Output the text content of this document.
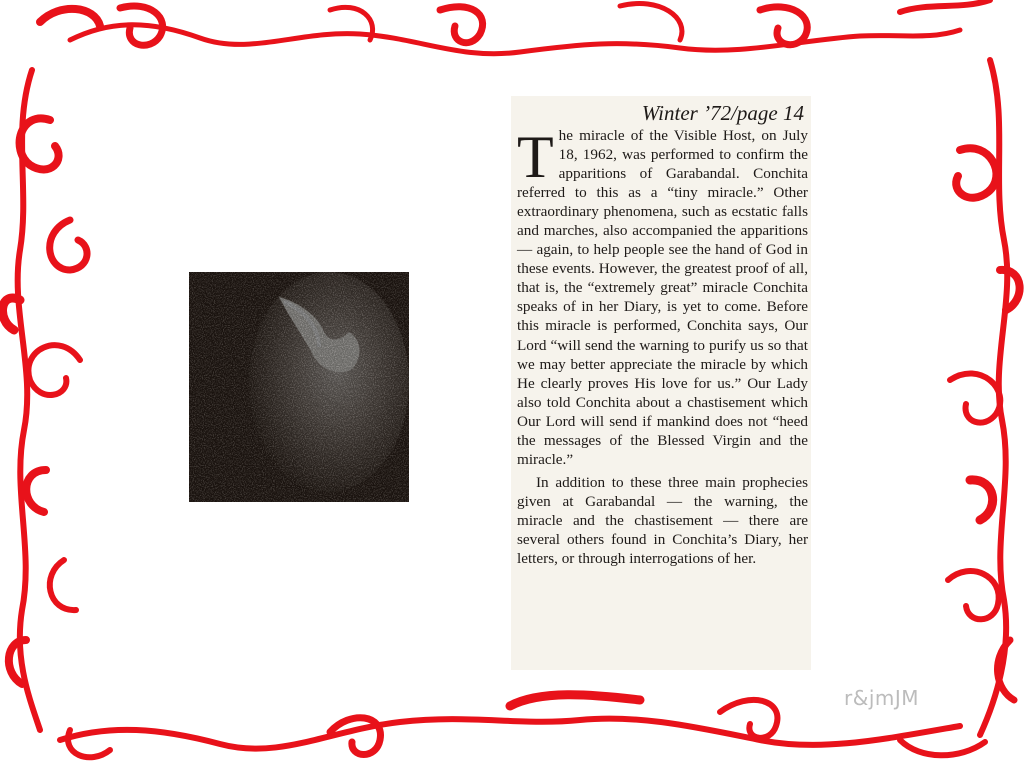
Winter ’72/page 14

The miracle of the Visible Host, on July 18, 1962, was performed to confirm the apparitions of Garabandal. Conchita referred to this as a “tiny miracle.” Other extraordinary phenomena, such as ecstatic falls and marches, also accompanied the apparitions — again, to help people see the hand of God in these events. However, the greatest proof of all, that is, the “extremely great” miracle Conchita speaks of in her Diary, is yet to come. Before this miracle is performed, Conchita says, Our Lord “will send the warning to purify us so that we may better appreciate the miracle by which He clearly proves His love for us.” Our Lady also told Conchita about a chastisement which Our Lord will send if mankind does not “heed the messages of the Blessed Virgin and the miracle.”

In addition to these three main prophecies given at Garabandal — the warning, the miracle and the chastisement — there are several others found in Conchita’s Diary, her letters, or through interrogations of her.

r&jmJM
